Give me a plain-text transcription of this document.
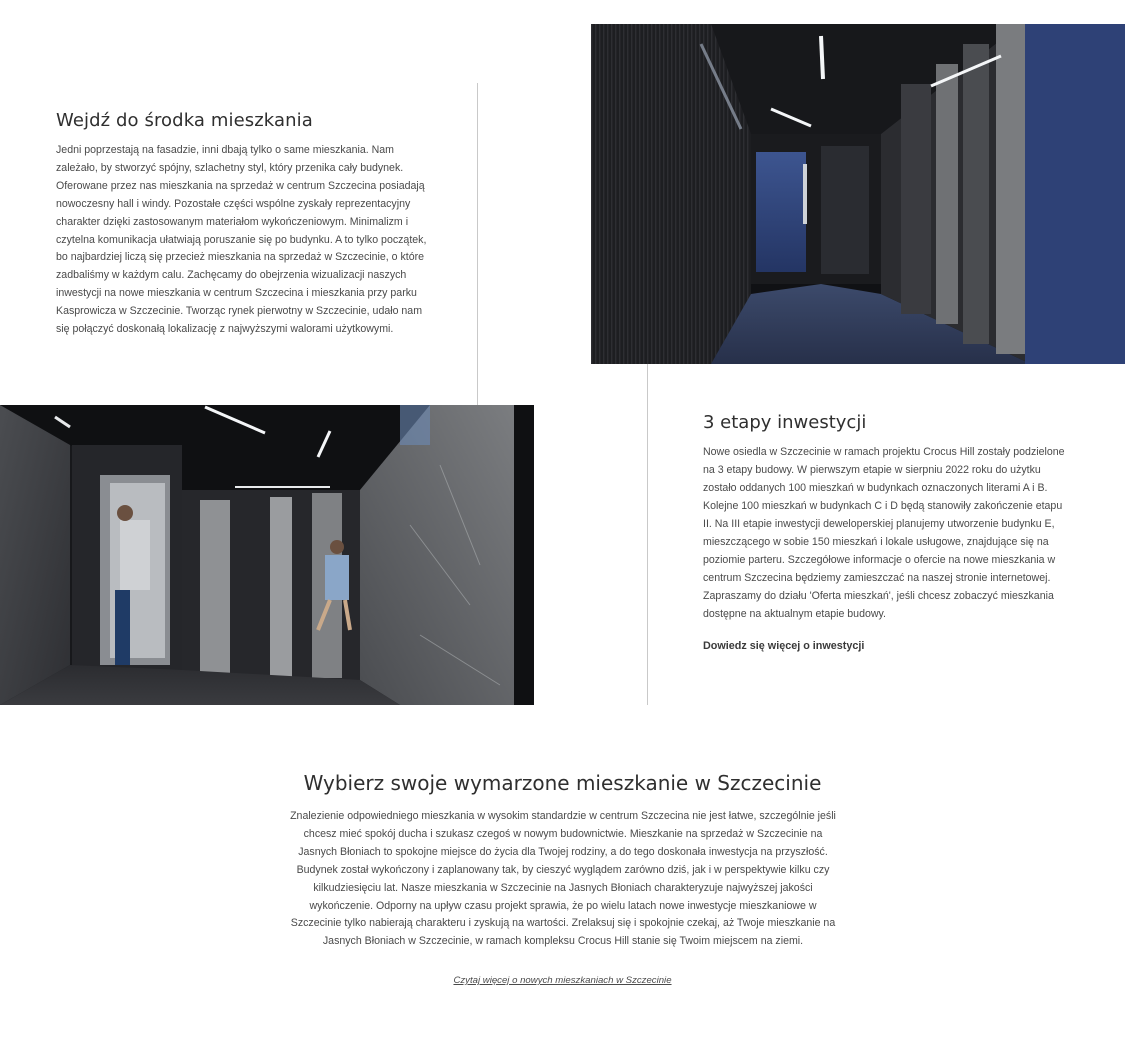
Wejdź do środka mieszkania

Jedni poprzestają na fasadzie, inni dbają tylko o same mieszkania. Nam zależało, by stworzyć spójny, szlachetny styl, który przenika cały budynek. Oferowane przez nas mieszkania na sprzedaż w centrum Szczecina posiadają nowoczesny hall i windy. Pozostałe części wspólne zyskały reprezentacyjny charakter dzięki zastosowanym materiałom wykończeniowym. Minimalizm i czytelna komunikacja ułatwiają poruszanie się po budynku. A to tylko początek, bo najbardziej liczą się przecież mieszkania na sprzedaż w Szczecinie, o które zadbaliśmy w każdym calu. Zachęcamy do obejrzenia wizualizacji naszych inwestycji na nowe mieszkania w centrum Szczecina i mieszkania przy parku Kasprowicza w Szczecinie. Tworząc rynek pierwotny w Szczecinie, udało nam się połączyć doskonałą lokalizację z najwyższymi walorami użytkowymi.

3 etapy inwestycji

Nowe osiedla w Szczecinie w ramach projektu Crocus Hill zostały podzielone na 3 etapy budowy. W pierwszym etapie w sierpniu 2022 roku do użytku zostało oddanych 100 mieszkań w budynkach oznaczonych literami A i B. Kolejne 100 mieszkań w budynkach C i D będą stanowiły zakończenie etapu II. Na III etapie inwestycji deweloperskiej planujemy utworzenie budynku E, mieszczącego w sobie 150 mieszkań i lokale usługowe, znajdujące się na poziomie parteru. Szczegółowe informacje o ofercie na nowe mieszkania w centrum Szczecina będziemy zamieszczać na naszej stronie internetowej. Zapraszamy do działu 'Oferta mieszkań', jeśli chcesz zobaczyć mieszkania dostępne na aktualnym etapie budowy.

Dowiedz się więcej o inwestycji
Wybierz swoje wymarzone mieszkanie w Szczecinie

Znalezienie odpowiedniego mieszkania w wysokim standardzie w centrum Szczecina nie jest łatwe, szczególnie jeśli chcesz mieć spokój ducha i szukasz czegoś w nowym budownictwie. Mieszkanie na sprzedaż w Szczecinie na Jasnych Błoniach to spokojne miejsce do życia dla Twojej rodziny, a do tego doskonała inwestycja na przyszłość. Budynek został wykończony i zaplanowany tak, by cieszyć wyglądem zarówno dziś, jak i w perspektywie kilku czy kilkudziesięciu lat. Nasze mieszkania w Szczecinie na Jasnych Błoniach charakteryzuje najwyższej jakości wykończenie. Odporny na upływ czasu projekt sprawia, że po wielu latach nowe inwestycje mieszkaniowe w Szczecinie tylko nabierają charakteru i zyskują na wartości. Zrelaksuj się i spokojnie czekaj, aż Twoje mieszkanie na Jasnych Błoniach w Szczecinie, w ramach kompleksu Crocus Hill stanie się Twoim miejscem na ziemi.

Czytaj więcej o nowych mieszkaniach w Szczecinie
